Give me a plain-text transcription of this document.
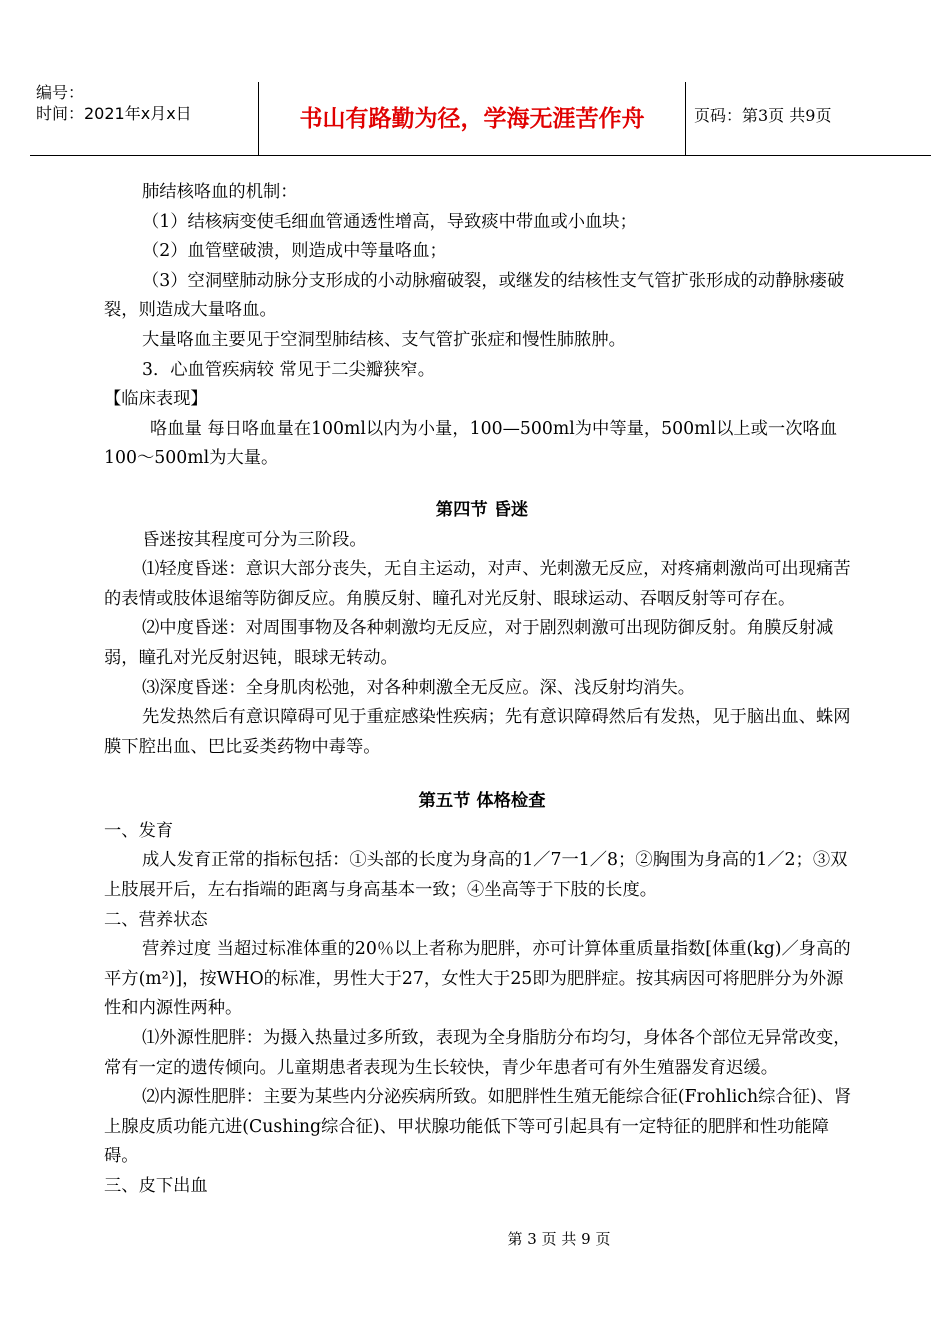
编号：
时间：2021年x月x日	书山有路勤为径，学海无涯苦作舟	页码：第3页 共9页

肺结核咯血的机制：

（1）结核病变使毛细血管通透性增高，导致痰中带血或小血块；

（2）血管壁破溃，则造成中等量咯血；

（3）空洞壁肺动脉分支形成的小动脉瘤破裂，或继发的结核性支气管扩张形成的动静脉瘘破裂，则造成大量咯血。

大量咯血主要见于空洞型肺结核、支气管扩张症和慢性肺脓肿。

3．心血管疾病较 常见于二尖瓣狭窄。

【临床表现】

咯血量 每日咯血量在100ml以内为小量，100—500ml为中等量，500ml以上或一次咯血100～500ml为大量。

第四节 昏迷

昏迷按其程度可分为三阶段。

⑴轻度昏迷：意识大部分丧失，无自主运动，对声、光刺激无反应，对疼痛刺激尚可出现痛苦的表情或肢体退缩等防御反应。角膜反射、瞳孔对光反射、眼球运动、吞咽反射等可存在。

⑵中度昏迷：对周围事物及各种刺激均无反应，对于剧烈刺激可出现防御反射。角膜反射减弱，瞳孔对光反射迟钝，眼球无转动。

⑶深度昏迷：全身肌肉松弛，对各种刺激全无反应。深、浅反射均消失。

先发热然后有意识障碍可见于重症感染性疾病；先有意识障碍然后有发热，见于脑出血、蛛网膜下腔出血、巴比妥类药物中毒等。

第五节 体格检查

一、发育

成人发育正常的指标包括：①头部的长度为身高的1／7一1／8；②胸围为身高的1／2；③双上肢展开后，左右指端的距离与身高基本一致；④坐高等于下肢的长度。

二、营养状态

营养过度 当超过标准体重的20％以上者称为肥胖，亦可计算体重质量指数[体重(kg)／身高的平方(m²)]，按WHO的标准，男性大于27，女性大于25即为肥胖症。按其病因可将肥胖分为外源性和内源性两种。

⑴外源性肥胖：为摄入热量过多所致，表现为全身脂肪分布均匀，身体各个部位无异常改变，常有一定的遗传倾向。儿童期患者表现为生长较快，青少年患者可有外生殖器发育迟缓。

⑵内源性肥胖：主要为某些内分泌疾病所致。如肥胖性生殖无能综合征(Frohlich综合征)、肾上腺皮质功能亢进(Cushing综合征)、甲状腺功能低下等可引起具有一定特征的肥胖和性功能障碍。

三、皮下出血

第 3 页 共 9 页
